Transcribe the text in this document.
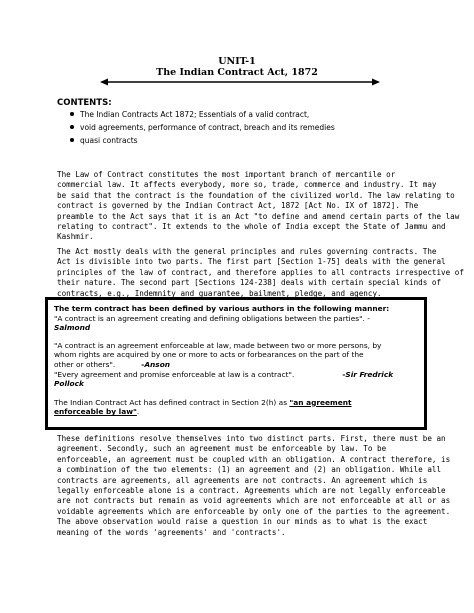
UNIT-1
The Indian Contract Act, 1872
CONTENTS:
The Indian Contracts Act 1872; Essentials of a valid contract,
void agreements, performance of contract, breach and its remedies
quasi contracts
The Law of Contract constitutes the most important branch of mercantile or
commercial law. It affects everybody, more so, trade, commerce and industry. It may
be said that the contract is the foundation of the civilized world. The law relating to
contract is governed by the Indian Contract Act, 1872 [Act No. IX of 1872]. The
preamble to the Act says that it is an Act "to define and amend certain parts of the law
relating to contract". It extends to the whole of India except the State of Jammu and
Kashmir.
The Act mostly deals with the general principles and rules governing contracts. The
Act is divisible into two parts. The first part [Section 1-75] deals with the general
principles of the law of contract, and therefore applies to all contracts irrespective of
their nature. The second part [Sections 124-238] deals with certain special kinds of
contracts, e.g., Indemnity and guarantee, bailment, pledge, and agency.
The term contract has been defined by various authors in the following manner:
"A contract is an agreement creating and defining obligations between the parties". -
Salmond
"A contract is an agreement enforceable at law, made between two or more persons, by
whom rights are acquired by one or more to acts or forbearances on the part of the
other or others".	-Anson
"Every agreement and promise enforceable at law is a contract".	-Sir Fredrick
Pollock
The Indian Contract Act has defined contract in Section 2(h) as "an agreement
enforceable by law".
These definitions resolve themselves into two distinct parts. First, there must be an
agreement. Secondly, such an agreement must be enforceable by law. To be
enforceable, an agreement must be coupled with an obligation. A contract therefore, is
a combination of the two elements: (1) an agreement and (2) an obligation. While all
contracts are agreements, all agreements are not contracts. An agreement which is
legally enforceable alone is a contract. Agreements which are not legally enforceable
are not contracts but remain as void agreements which are not enforceable at all or as
voidable agreements which are enforceable by only one of the parties to the agreement.
The above observation would raise a question in our minds as to what is the exact
meaning of the words 'agreements' and 'contracts'.
